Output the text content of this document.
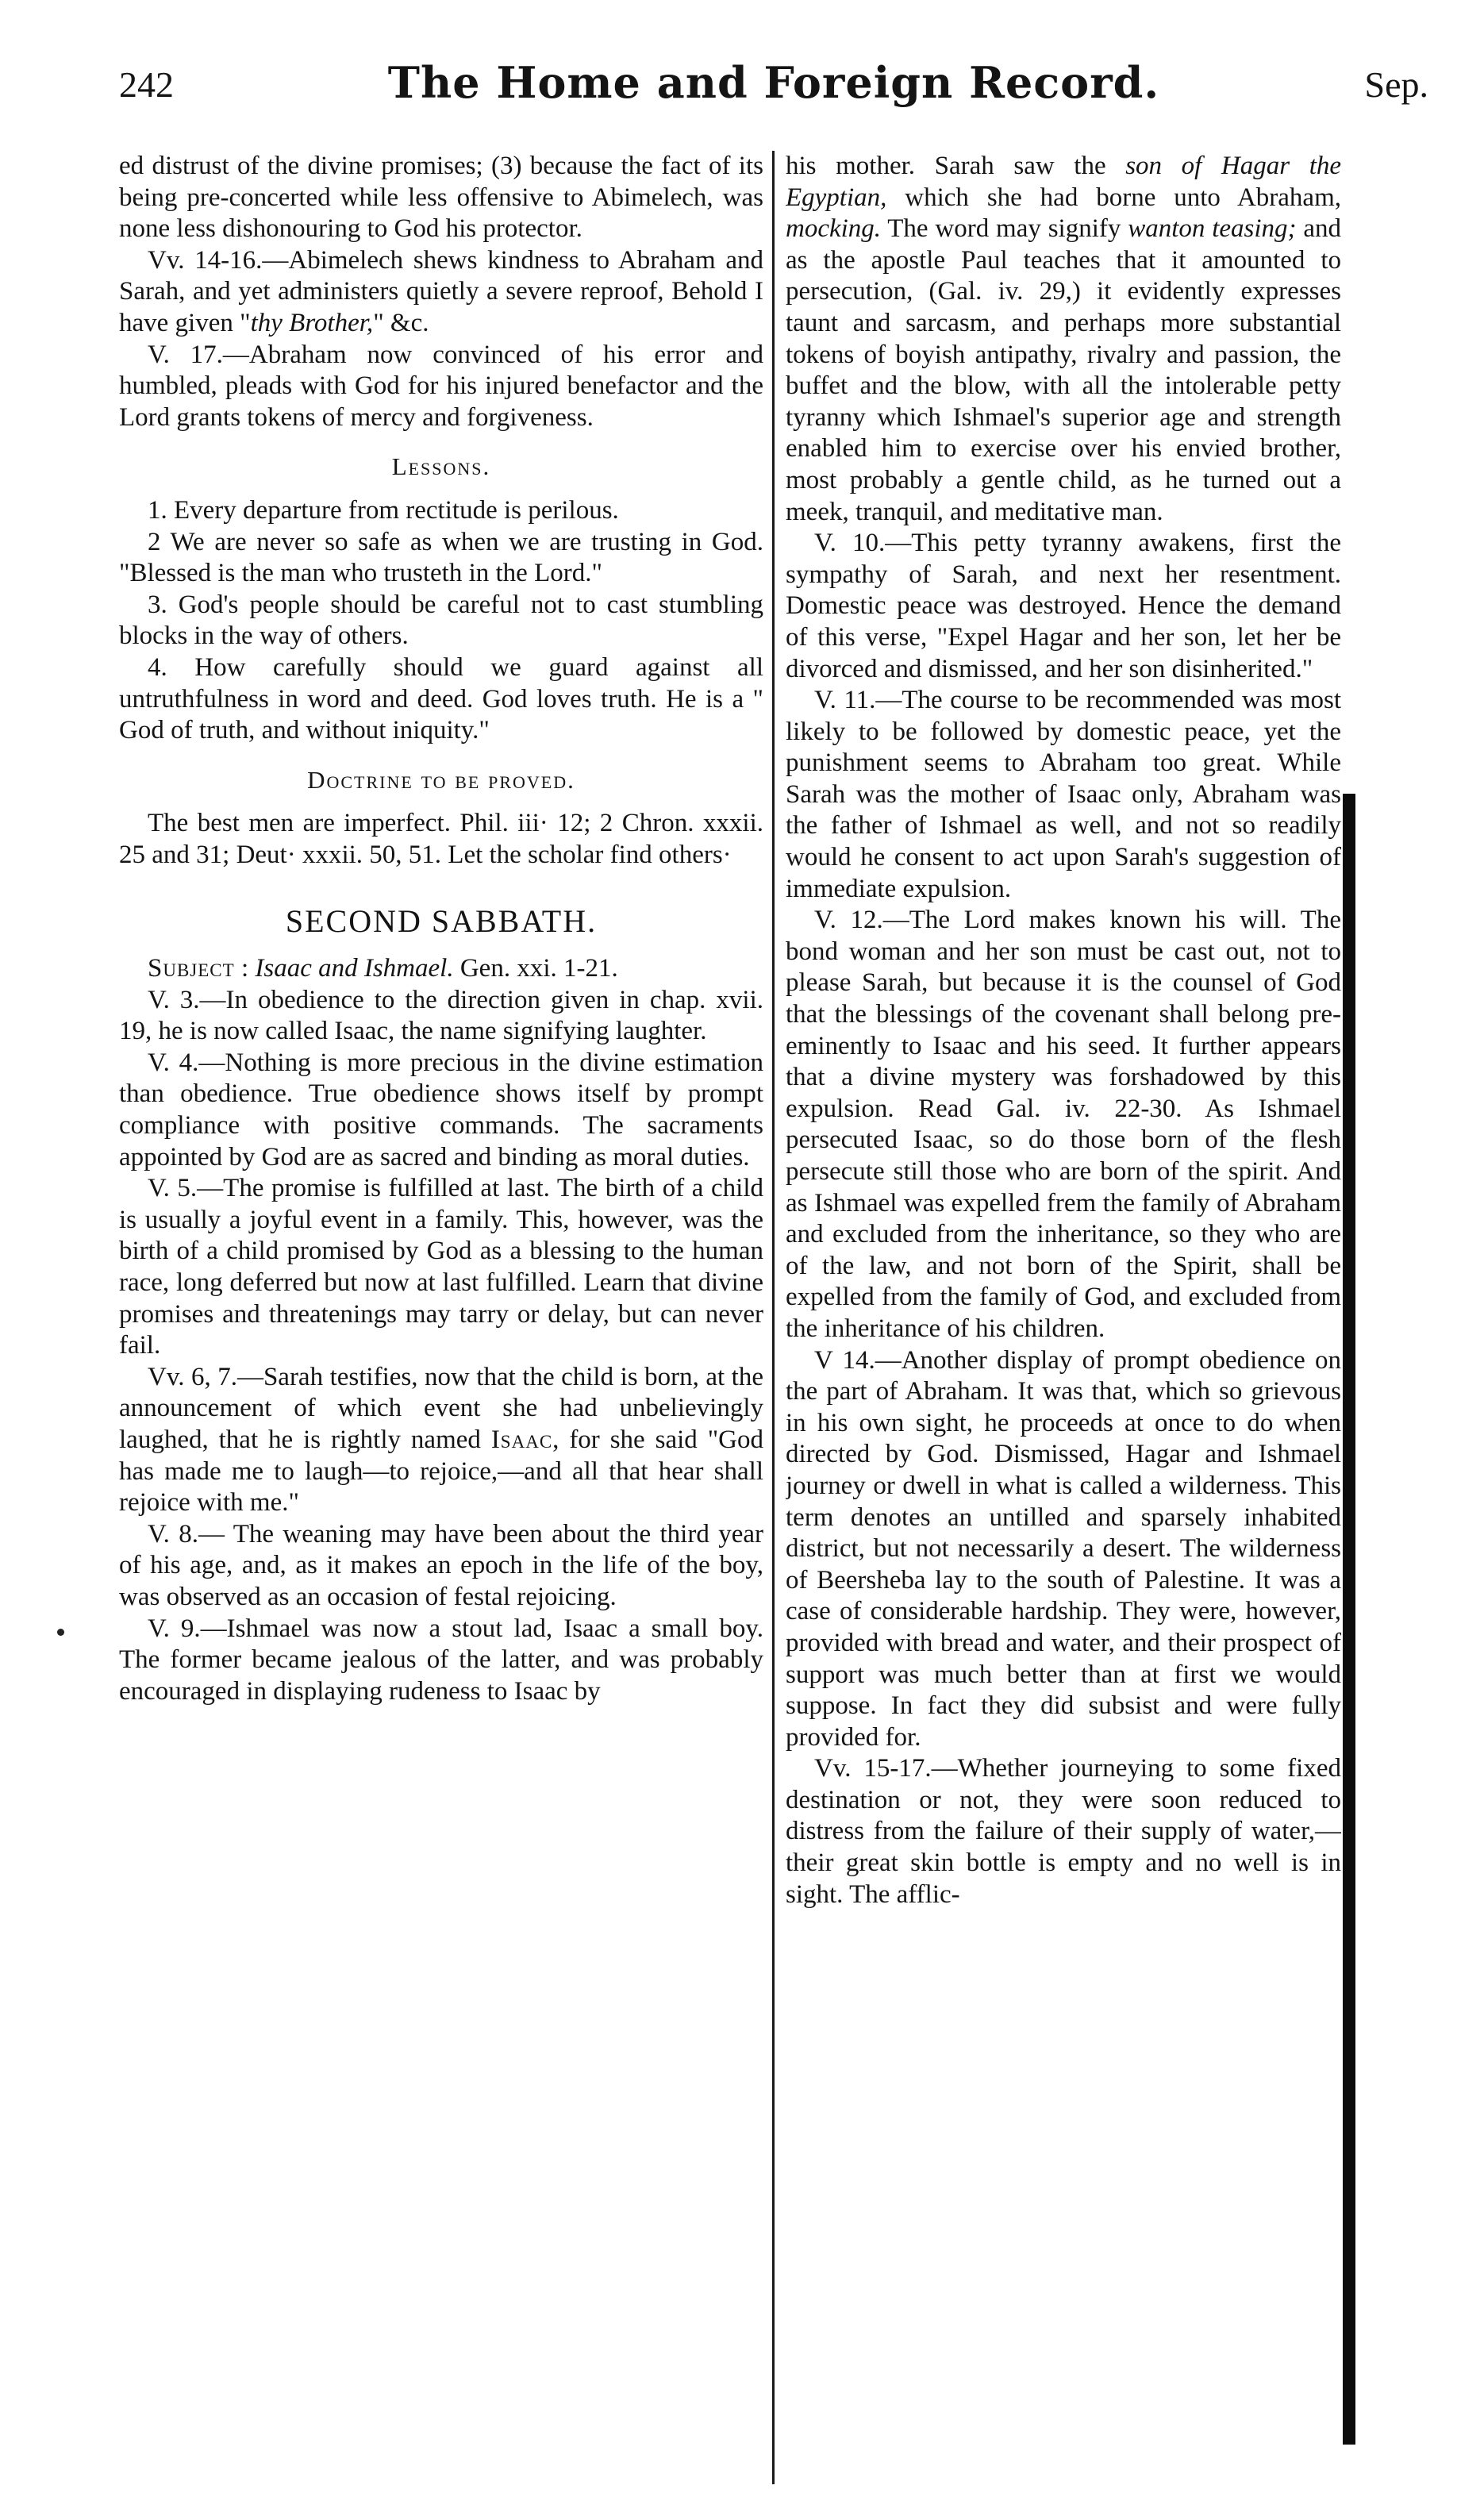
242	The Home and Foreign Record.	Sep.

ed distrust of the divine promises; (3) because the fact of its being pre-concerted while less offensive to Abimelech, was none less dishonouring to God his protector.

Vv. 14-16.—Abimelech shews kindness to Abraham and Sarah, and yet administers quietly a severe reproof, Behold I have given "thy Brother," &c.

V. 17.—Abraham now convinced of his error and humbled, pleads with God for his injured benefactor and the Lord grants tokens of mercy and forgiveness.

Lessons.

1. Every departure from rectitude is perilous.

2 We are never so safe as when we are trusting in God. "Blessed is the man who trusteth in the Lord."

3. God's people should be careful not to cast stumbling blocks in the way of others.

4. How carefully should we guard against all untruthfulness in word and deed. God loves truth. He is a " God of truth, and without iniquity."

Doctrine to be proved.

The best men are imperfect. Phil. iii· 12; 2 Chron. xxxii. 25 and 31; Deut· xxxii. 50, 51. Let the scholar find others·

SECOND SABBATH.

Subject : Isaac and Ishmael. Gen. xxi. 1-21.

V. 3.—In obedience to the direction given in chap. xvii. 19, he is now called Isaac, the name signifying laughter.

V. 4.—Nothing is more precious in the divine estimation than obedience. True obedience shows itself by prompt compliance with positive commands. The sacraments appointed by God are as sacred and binding as moral duties.

V. 5.—The promise is fulfilled at last. The birth of a child is usually a joyful event in a family. This, however, was the birth of a child promised by God as a blessing to the human race, long deferred but now at last fulfilled. Learn that divine promises and threatenings may tarry or delay, but can never fail.

Vv. 6, 7.—Sarah testifies, now that the child is born, at the announcement of which event she had unbelievingly laughed, that he is rightly named Isaac, for she said "God has made me to laugh—to rejoice,—and all that hear shall rejoice with me."

V. 8.— The weaning may have been about the third year of his age, and, as it makes an epoch in the life of the boy, was observed as an occasion of festal rejoicing.

V. 9.—Ishmael was now a stout lad, Isaac a small boy. The former became jealous of the latter, and was probably encouraged in displaying rudeness to Isaac by

his mother. Sarah saw the son of Hagar the Egyptian, which she had borne unto Abraham, mocking. The word may signify wanton teasing; and as the apostle Paul teaches that it amounted to persecution, (Gal. iv. 29,) it evidently expresses taunt and sarcasm, and perhaps more substantial tokens of boyish antipathy, rivalry and passion, the buffet and the blow, with all the intolerable petty tyranny which Ishmael's superior age and strength enabled him to exercise over his envied brother, most probably a gentle child, as he turned out a meek, tranquil, and meditative man.

V. 10.—This petty tyranny awakens, first the sympathy of Sarah, and next her resentment. Domestic peace was destroyed. Hence the demand of this verse, "Expel Hagar and her son, let her be divorced and dismissed, and her son disinherited."

V. 11.—The course to be recommended was most likely to be followed by domestic peace, yet the punishment seems to Abraham too great. While Sarah was the mother of Isaac only, Abraham was the father of Ishmael as well, and not so readily would he consent to act upon Sarah's suggestion of immediate expulsion.

V. 12.—The Lord makes known his will. The bond woman and her son must be cast out, not to please Sarah, but because it is the counsel of God that the blessings of the covenant shall belong pre-eminently to Isaac and his seed. It further appears that a divine mystery was forshadowed by this expulsion. Read Gal. iv. 22-30. As Ishmael persecuted Isaac, so do those born of the flesh persecute still those who are born of the spirit. And as Ishmael was expelled frem the family of Abraham and excluded from the inheritance, so they who are of the law, and not born of the Spirit, shall be expelled from the family of God, and excluded from the inheritance of his children.

V 14.—Another display of prompt obedience on the part of Abraham. It was that, which so grievous in his own sight, he proceeds at once to do when directed by God. Dismissed, Hagar and Ishmael journey or dwell in what is called a wilderness. This term denotes an untilled and sparsely inhabited district, but not necessarily a desert. The wilderness of Beersheba lay to the south of Palestine. It was a case of considerable hardship. They were, however, provided with bread and water, and their prospect of support was much better than at first we would suppose. In fact they did subsist and were fully provided for.

Vv. 15-17.—Whether journeying to some fixed destination or not, they were soon reduced to distress from the failure of their supply of water,—their great skin bottle is empty and no well is in sight. The afflic-
